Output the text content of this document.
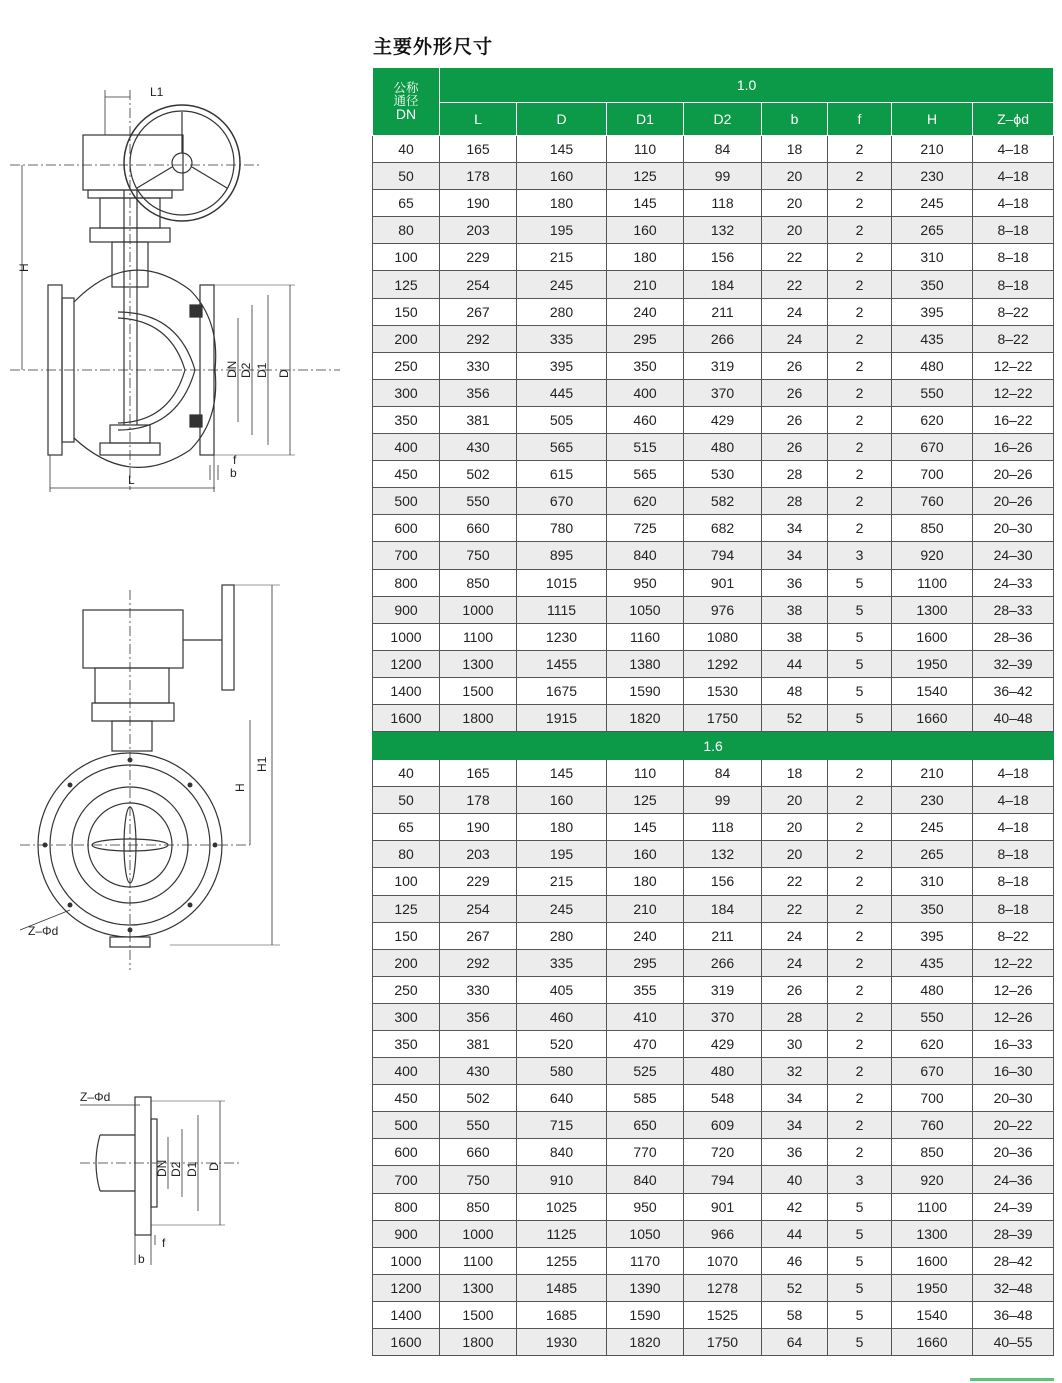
L1
H
DN D2 D1 D
f
b
L
H
H1
Z–Φd
Z–Φd
DN D2 D1 D
f
b
主要外形尺寸
公称
通径
DN	1.0							
	L	D	D1	D2	b	f	H	Z–ϕd
40	165	145	110	84	18	2	210	4–18
50	178	160	125	99	20	2	230	4–18
65	190	180	145	118	20	2	245	4–18
80	203	195	160	132	20	2	265	8–18
100	229	215	180	156	22	2	310	8–18
125	254	245	210	184	22	2	350	8–18
150	267	280	240	211	24	2	395	8–22
200	292	335	295	266	24	2	435	8–22
250	330	395	350	319	26	2	480	12–22
300	356	445	400	370	26	2	550	12–22
350	381	505	460	429	26	2	620	16–22
400	430	565	515	480	26	2	670	16–26
450	502	615	565	530	28	2	700	20–26
500	550	670	620	582	28	2	760	20–26
600	660	780	725	682	34	2	850	20–30
700	750	895	840	794	34	3	920	24–30
800	850	1015	950	901	36	5	1100	24–33
900	1000	1115	1050	976	38	5	1300	28–33
1000	1100	1230	1160	1080	38	5	1600	28–36
1200	1300	1455	1380	1292	44	5	1950	32–39
1400	1500	1675	1590	1530	48	5	1540	36–42
1600	1800	1915	1820	1750	52	5	1660	40–48
1.6								
40	165	145	110	84	18	2	210	4–18
50	178	160	125	99	20	2	230	4–18
65	190	180	145	118	20	2	245	4–18
80	203	195	160	132	20	2	265	8–18
100	229	215	180	156	22	2	310	8–18
125	254	245	210	184	22	2	350	8–18
150	267	280	240	211	24	2	395	8–22
200	292	335	295	266	24	2	435	12–22
250	330	405	355	319	26	2	480	12–26
300	356	460	410	370	28	2	550	12–26
350	381	520	470	429	30	2	620	16–33
400	430	580	525	480	32	2	670	16–30
450	502	640	585	548	34	2	700	20–30
500	550	715	650	609	34	2	760	20–22
600	660	840	770	720	36	2	850	20–36
700	750	910	840	794	40	3	920	24–36
800	850	1025	950	901	42	5	1100	24–39
900	1000	1125	1050	966	44	5	1300	28–39
1000	1100	1255	1170	1070	46	5	1600	28–42
1200	1300	1485	1390	1278	52	5	1950	32–48
1400	1500	1685	1590	1525	58	5	1540	36–48
1600	1800	1930	1820	1750	64	5	1660	40–55
